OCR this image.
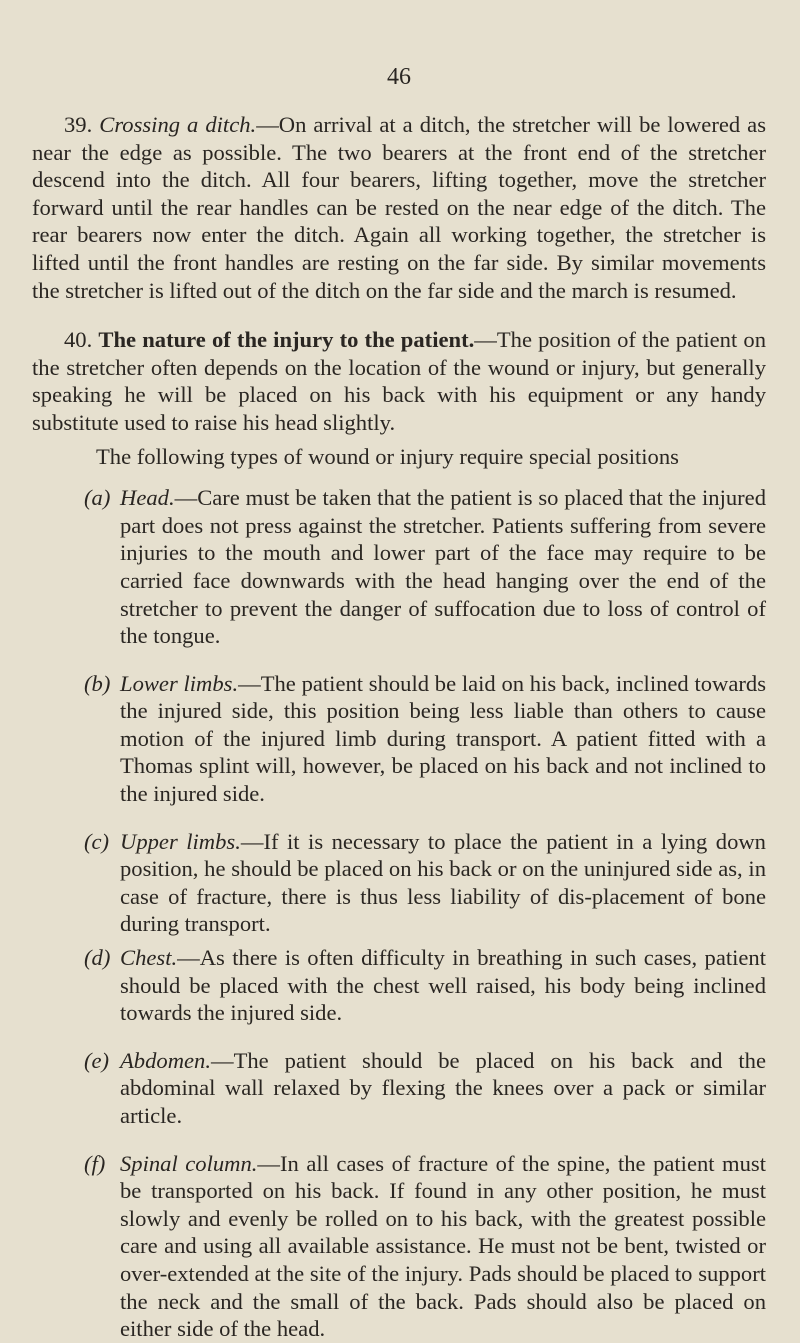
46

39. Crossing a ditch.—On arrival at a ditch, the stretcher will be lowered as near the edge as possible. The two bearers at the front end of the stretcher descend into the ditch. All four bearers, lifting together, move the stretcher forward until the rear handles can be rested on the near edge of the ditch. The rear bearers now enter the ditch. Again all working together, the stretcher is lifted until the front handles are resting on the far side. By similar movements the stretcher is lifted out of the ditch on the far side and the march is resumed.

40. The nature of the injury to the patient.—The position of the patient on the stretcher often depends on the location of the wound or injury, but generally speaking he will be placed on his back with his equipment or any handy substitute used to raise his head slightly.

The following types of wound or injury require special positions

(a) Head.—Care must be taken that the patient is so placed that the injured part does not press against the stretcher. Patients suffering from severe injuries to the mouth and lower part of the face may require to be carried face downwards with the head hanging over the end of the stretcher to prevent the danger of suffocation due to loss of control of the tongue.
(b) Lower limbs.—The patient should be laid on his back, inclined towards the injured side, this position being less liable than others to cause motion of the injured limb during transport. A patient fitted with a Thomas splint will, however, be placed on his back and not inclined to the injured side.
(c) Upper limbs.—If it is necessary to place the patient in a lying down position, he should be placed on his back or on the uninjured side as, in case of fracture, there is thus less liability of dis-placement of bone during transport.
(d) Chest.—As there is often difficulty in breathing in such cases, patient should be placed with the chest well raised, his body being inclined towards the injured side.
(e) Abdomen.—The patient should be placed on his back and the abdominal wall relaxed by flexing the knees over a pack or similar article.
(f) Spinal column.—In all cases of fracture of the spine, the patient must be transported on his back. If found in any other position, he must slowly and evenly be rolled on to his back, with the greatest possible care and using all available assistance. He must not be bent, twisted or over-extended at the site of the injury. Pads should be placed to support the neck and the small of the back. Pads should also be placed on either side of the head.
